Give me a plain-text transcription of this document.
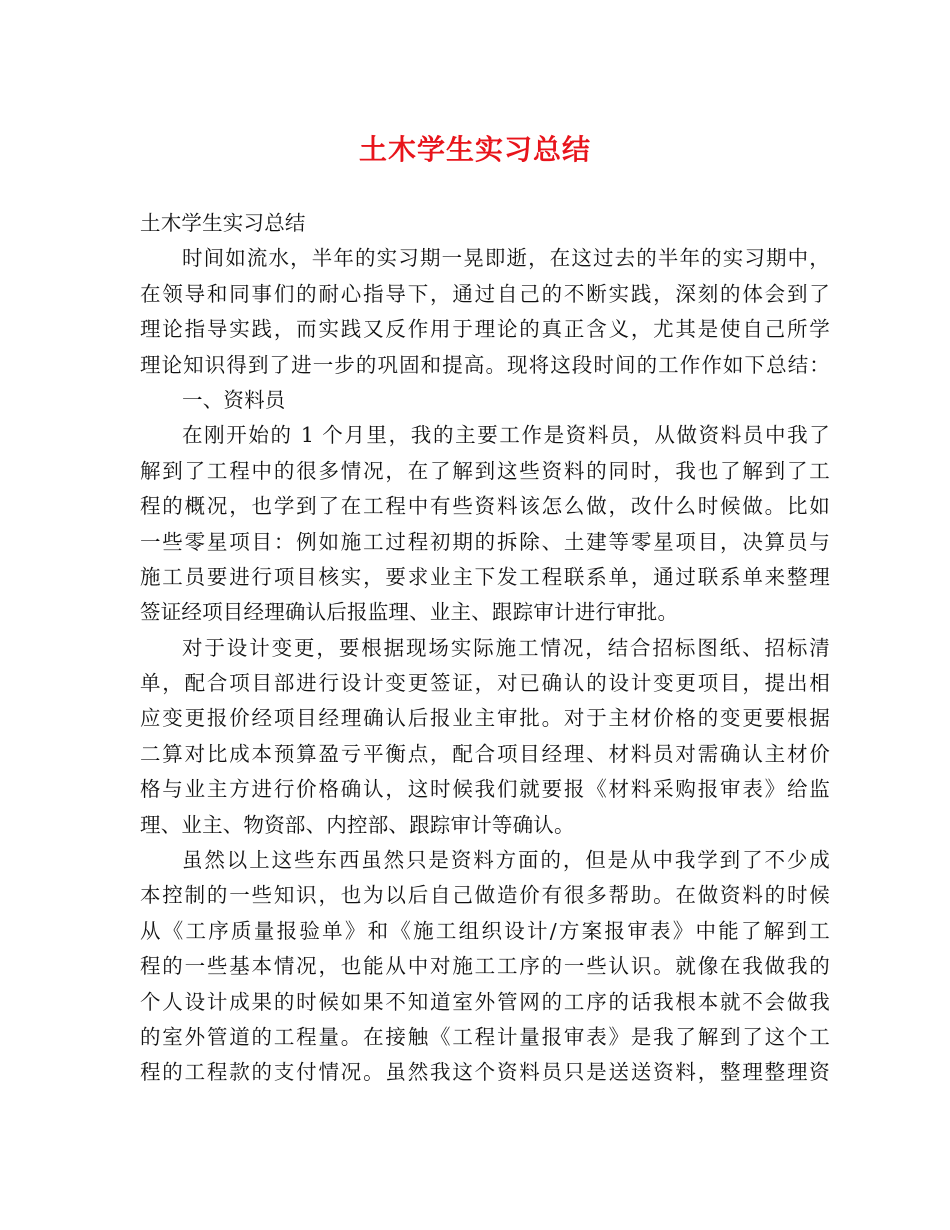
土木学生实习总结
土木学生实习总结
时间如流水，半年的实习期一晃即逝，在这过去的半年的实习期中，
在领导和同事们的耐心指导下，通过自己的不断实践，深刻的体会到了
理论指导实践，而实践又反作用于理论的真正含义，尤其是使自己所学
理论知识得到了进一步的巩固和提高。现将这段时间的工作作如下总结：
一、资料员
在刚开始的 1 个月里，我的主要工作是资料员，从做资料员中我了
解到了工程中的很多情况，在了解到这些资料的同时，我也了解到了工
程的概况，也学到了在工程中有些资料该怎么做，改什么时候做。比如
一些零星项目：例如施工过程初期的拆除、土建等零星项目，决算员与
施工员要进行项目核实，要求业主下发工程联系单，通过联系单来整理
签证经项目经理确认后报监理、业主、跟踪审计进行审批。
对于设计变更，要根据现场实际施工情况，结合招标图纸、招标清
单，配合项目部进行设计变更签证，对已确认的设计变更项目，提出相
应变更报价经项目经理确认后报业主审批。对于主材价格的变更要根据
二算对比成本预算盈亏平衡点，配合项目经理、材料员对需确认主材价
格与业主方进行价格确认，这时候我们就要报《材料采购报审表》给监
理、业主、物资部、内控部、跟踪审计等确认。
虽然以上这些东西虽然只是资料方面的，但是从中我学到了不少成
本控制的一些知识，也为以后自己做造价有很多帮助。在做资料的时候
从《工序质量报验单》和《施工组织设计/方案报审表》中能了解到工
程的一些基本情况，也能从中对施工工序的一些认识。就像在我做我的
个人设计成果的时候如果不知道室外管网的工序的话我根本就不会做我
的室外管道的工程量。在接触《工程计量报审表》是我了解到了这个工
程的工程款的支付情况。虽然我这个资料员只是送送资料，整理整理资
